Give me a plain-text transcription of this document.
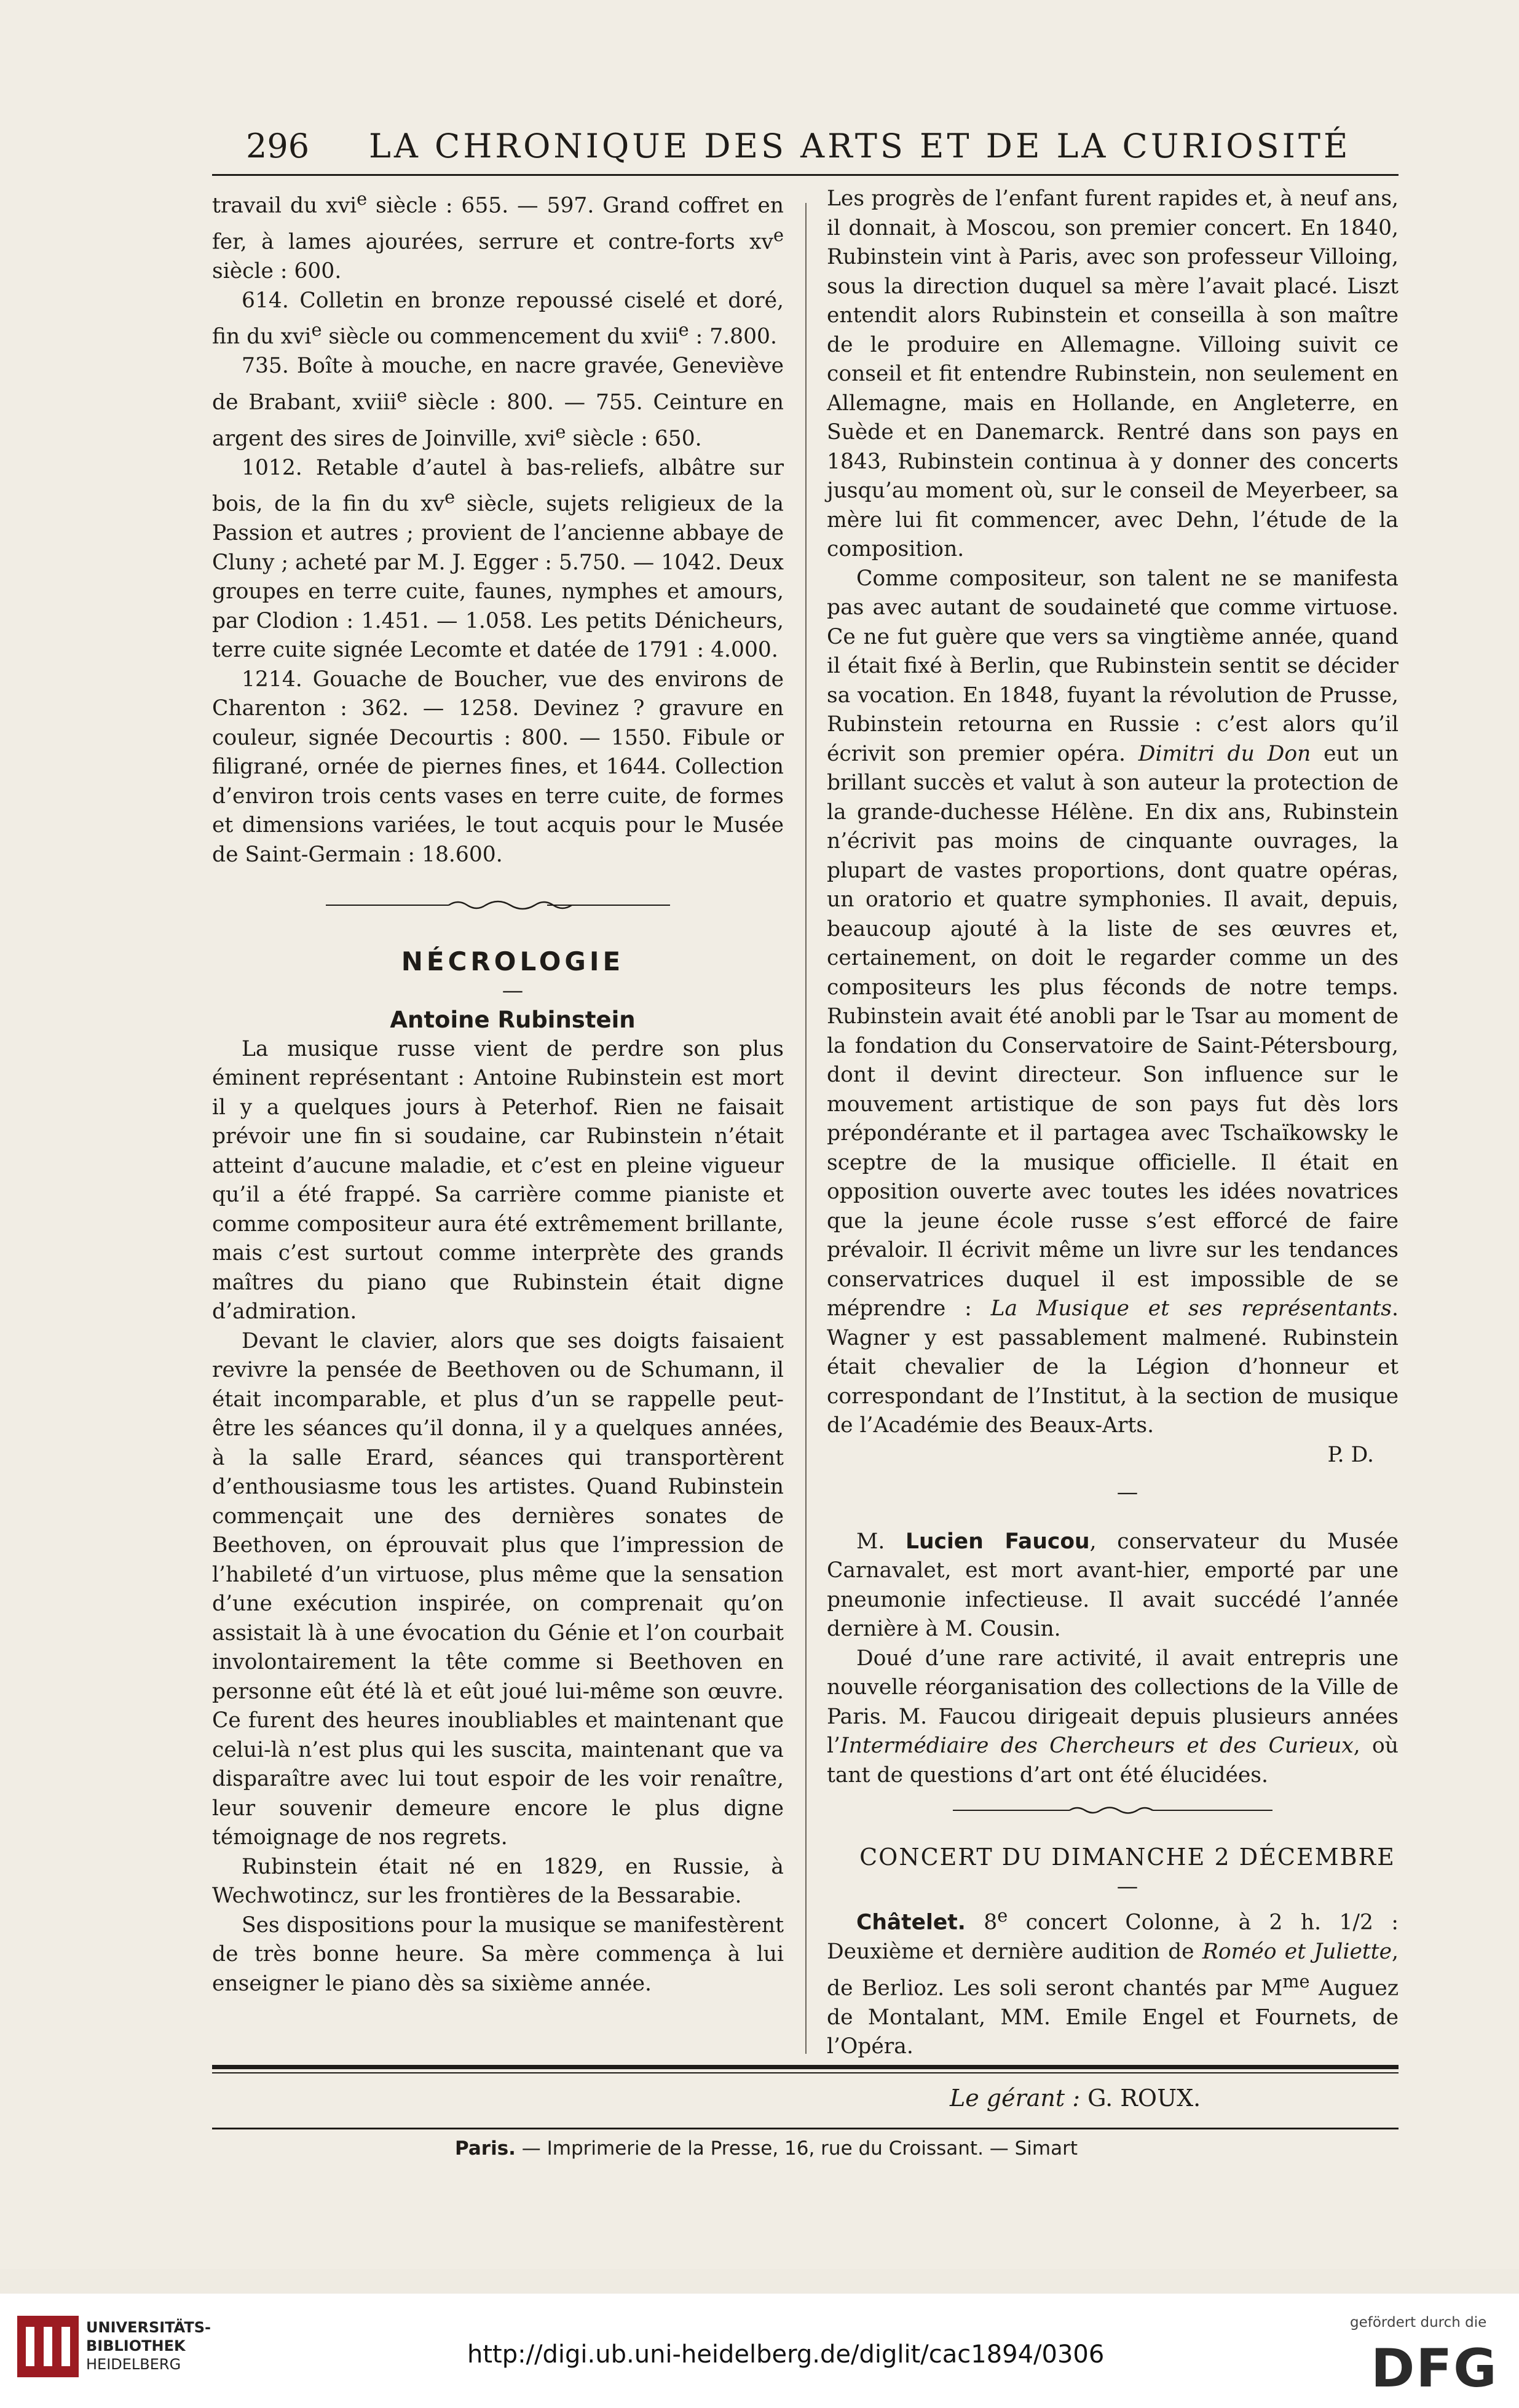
296 LA CHRONIQUE DES ARTS ET DE LA CURIOSITÉ

travail du xvi$^e$ siècle : 655. — 597. Grand coffret en fer, à lames ajourées, serrure et contre-forts $xv^e$ siècle : 600.

614. Colletin en bronze repoussé ciselé et doré, fin du xvi$^e$ siècle ou commencement du xvii$^e$ : 7.800.

735. Boîte à mouche, en nacre gravée, Geneviève de Brabant, xviii$^e$ siècle : 800. — 755. Ceinture en argent des sires de Joinville, xvi$^e$ siècle : 650.

1012. Retable d’autel à bas-reliefs, albâtre sur bois, de la fin du $xv^e$ siècle, sujets religieux de la Passion et autres ; provient de l’ancienne abbaye de Cluny ; acheté par M. J. Egger : 5.750. — 1042. Deux groupes en terre cuite, faunes, nymphes et amours, par Clodion : 1.451. — 1.058. Les petits Dénicheurs, terre cuite signée Lecomte et datée de 1791 : 4.000.

1214. Gouache de Boucher, vue des environs de Charenton : 362. — 1258. Devinez ? gravure en couleur, signée Decourtis : 800. — 1550. Fibule or filigrané, ornée de piernes fines, et 1644. Collection d’environ trois cents vases en terre cuite, de formes et dimensions variées, le tout acquis pour le Musée de Saint-Germain : 18.600.

NÉCROLOGIE

—

Antoine Rubinstein

La musique russe vient de perdre son plus éminent représentant : Antoine Rubinstein est mort il y a quelques jours à Peterhof. Rien ne faisait prévoir une fin si soudaine, car Rubinstein n’était atteint d’aucune maladie, et c’est en pleine vigueur qu’il a été frappé. Sa carrière comme pianiste et comme compositeur aura été extrêmement brillante, mais c’est surtout comme interprète des grands maîtres du piano que Rubinstein était digne d’admiration.

Devant le clavier, alors que ses doigts faisaient revivre la pensée de Beethoven ou de Schumann, il était incomparable, et plus d’un se rappelle peut-être les séances qu’il donna, il y a quelques années, à la salle Erard, séances qui transportèrent d’enthousiasme tous les artistes. Quand Rubinstein commençait une des dernières sonates de Beethoven, on éprouvait plus que l’impression de l’habileté d’un virtuose, plus même que la sensation d’une exécution inspirée, on comprenait qu’on assistait là à une évocation du Génie et l’on courbait involontairement la tête comme si Beethoven en personne eût été là et eût joué lui-même son œuvre. Ce furent des heures inoubliables et maintenant que celui-là n’est plus qui les suscita, maintenant que va disparaître avec lui tout espoir de les voir renaître, leur souvenir demeure encore le plus digne témoignage de nos regrets.

Rubinstein était né en 1829, en Russie, à Wechwotincz, sur les frontières de la Bessarabie.

Ses dispositions pour la musique se manifestèrent de très bonne heure. Sa mère commença à lui enseigner le piano dès sa sixième année.

Les progrès de l’enfant furent rapides et, à neuf ans, il donnait, à Moscou, son premier concert. En 1840, Rubinstein vint à Paris, avec son professeur Villoing, sous la direction duquel sa mère l’avait placé. Liszt entendit alors Rubinstein et conseilla à son maître de le produire en Allemagne. Villoing suivit ce conseil et fit entendre Rubinstein, non seulement en Allemagne, mais en Hollande, en Angleterre, en Suède et en Danemarck. Rentré dans son pays en 1843, Rubinstein continua à y donner des concerts jusqu’au moment où, sur le conseil de Meyerbeer, sa mère lui fit commencer, avec Dehn, l’étude de la composition.

Comme compositeur, son talent ne se manifesta pas avec autant de soudaineté que comme virtuose. Ce ne fut guère que vers sa vingtième année, quand il était fixé à Berlin, que Rubinstein sentit se décider sa vocation. En 1848, fuyant la révolution de Prusse, Rubinstein retourna en Russie : c’est alors qu’il écrivit son premier opéra. Dimitri du Don eut un brillant succès et valut à son auteur la protection de la grande-duchesse Hélène. En dix ans, Rubinstein n’écrivit pas moins de cinquante ouvrages, la plupart de vastes proportions, dont quatre opéras, un oratorio et quatre symphonies. Il avait, depuis, beaucoup ajouté à la liste de ses œuvres et, certainement, on doit le regarder comme un des compositeurs les plus féconds de notre temps. Rubinstein avait été anobli par le Tsar au moment de la fondation du Conservatoire de Saint-Pétersbourg, dont il devint directeur. Son influence sur le mouvement artistique de son pays fut dès lors prépondérante et il partagea avec Tschaïkowsky le sceptre de la musique officielle. Il était en opposition ouverte avec toutes les idées novatrices que la jeune école russe s’est efforcé de faire prévaloir. Il écrivit même un livre sur les tendances conservatrices duquel il est impossible de se méprendre : La Musique et ses représentants. Wagner y est passablement malmené. Rubinstein était chevalier de la Légion d’honneur et correspondant de l’Institut, à la section de musique de l’Académie des Beaux-Arts.

P. D.

—

M. Lucien Faucou, conservateur du Musée Carnavalet, est mort avant-hier, emporté par une pneumonie infectieuse. Il avait succédé l’année dernière à M. Cousin.

Doué d’une rare activité, il avait entrepris une nouvelle réorganisation des collections de la Ville de Paris. M. Faucou dirigeait depuis plusieurs années l’Intermédiaire des Chercheurs et des Curieux, où tant de questions d’art ont été élucidées.

CONCERT DU DIMANCHE 2 DÉCEMBRE

—

Châtelet. 8e concert Colonne, à 2 h. 1/2 : Deuxième et dernière audition de Roméo et Juliette, de Berlioz. Les soli seront chantés par $M^{me}$ Auguez de Montalant, MM. Emile Engel et Fournets, de l’Opéra.

Le gérant : G. ROUX.
Paris. — Imprimerie de la Presse, 16, rue du Croissant. — Simart
UNIVERSITÄTS-
BIBLIOTHEK
HEIDELBERG	http://digi.ub.uni-heidelberg.de/diglit/cac1894/0306
gefördert durch die
DFG
